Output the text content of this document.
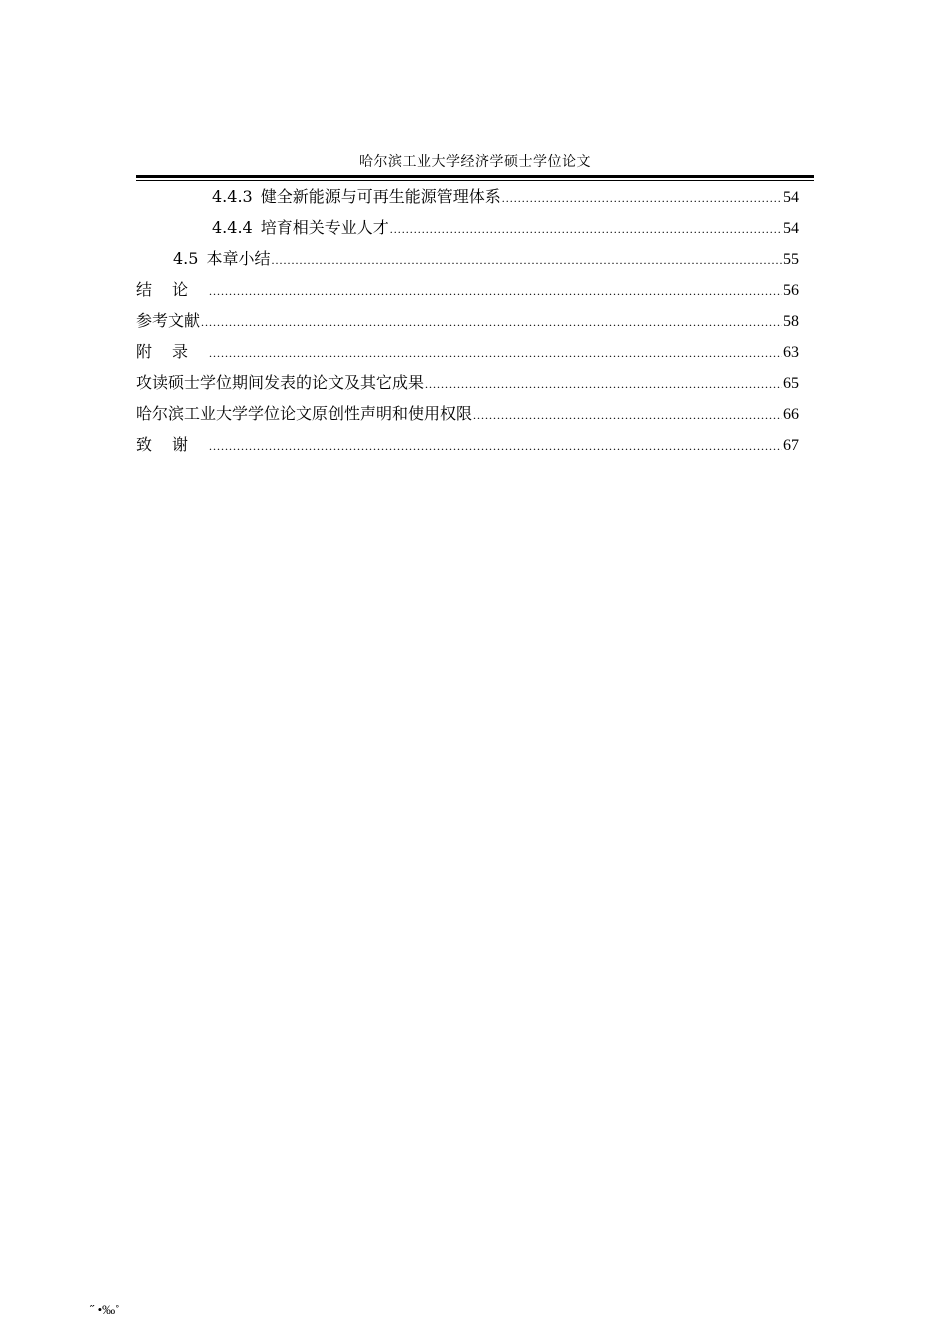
哈尔滨工业大学经济学硕士学位论文
4.4.3 健全新能源与可再生能源管理体系 .....	54
4.4.4 培育相关专业人才 .....	54
4.5 本章小结 .....	55
结论 .....	56
参考文献 .....	58
附录 .....	63
攻读硕士学位期间发表的论文及其它成果 .....	65
哈尔滨工业大学学位论文原创性声明和使用权限 .....	66
致谢 .....	67
˝ •‰˚
